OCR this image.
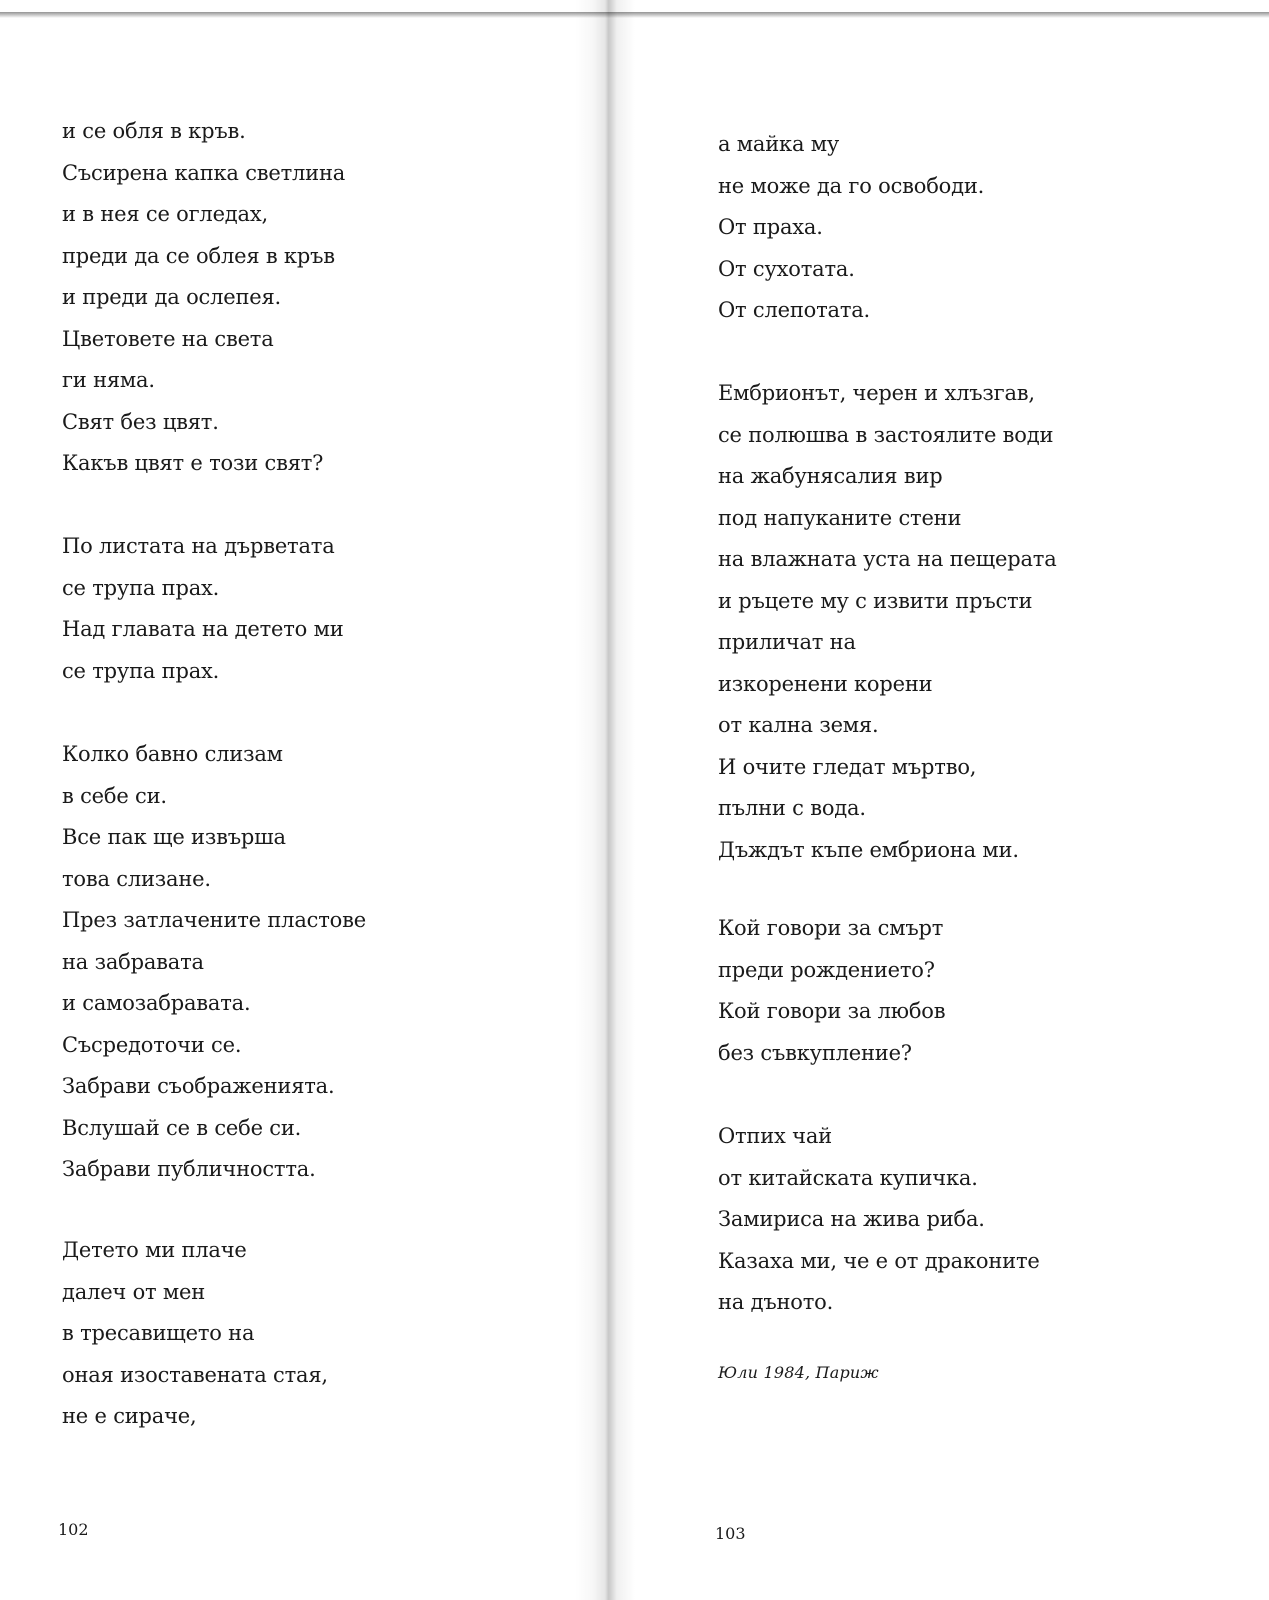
и се обля в кръв.
Съсирена капка светлина
и в нея се огледах,
преди да се облея в кръв
и преди да ослепея.
Цветовете на света
ги няма.
Свят без цвят.
Какъв цвят е този свят?
По листата на дърветата
се трупа прах.
Над главата на детето ми
се трупа прах.
Колко бавно слизам
в себе си.
Все пак ще извърша
това слизане.
През затлачените пластове
на забравата
и самозабравата.
Съсредоточи се.
Забрави съображенията.
Вслушай се в себе си.
Забрави публичността.
Детето ми плаче
далеч от мен
в тресавището на
оная изоставената стая,
не е сираче,
102
а майка му
не може да го освободи.
От праха.
От сухотата.
От слепотата.
Ембрионът, черен и хлъзгав,
се полюшва в застоялите води
на жабунясалия вир
под напуканите стени
на влажната уста на пещерата
и ръцете му с извити пръсти
приличат на
изкоренени корени
от кална земя.
И очите гледат мъртво,
пълни с вода.
Дъждът къпе ембриона ми.
Кой говори за смърт
преди рождението?
Кой говори за любов
без съвкупление?
Отпих чай
от китайската купичка.
Замириса на жива риба.
Казаха ми, че е от драконите
на дъното.
Юли 1984, Париж
103
